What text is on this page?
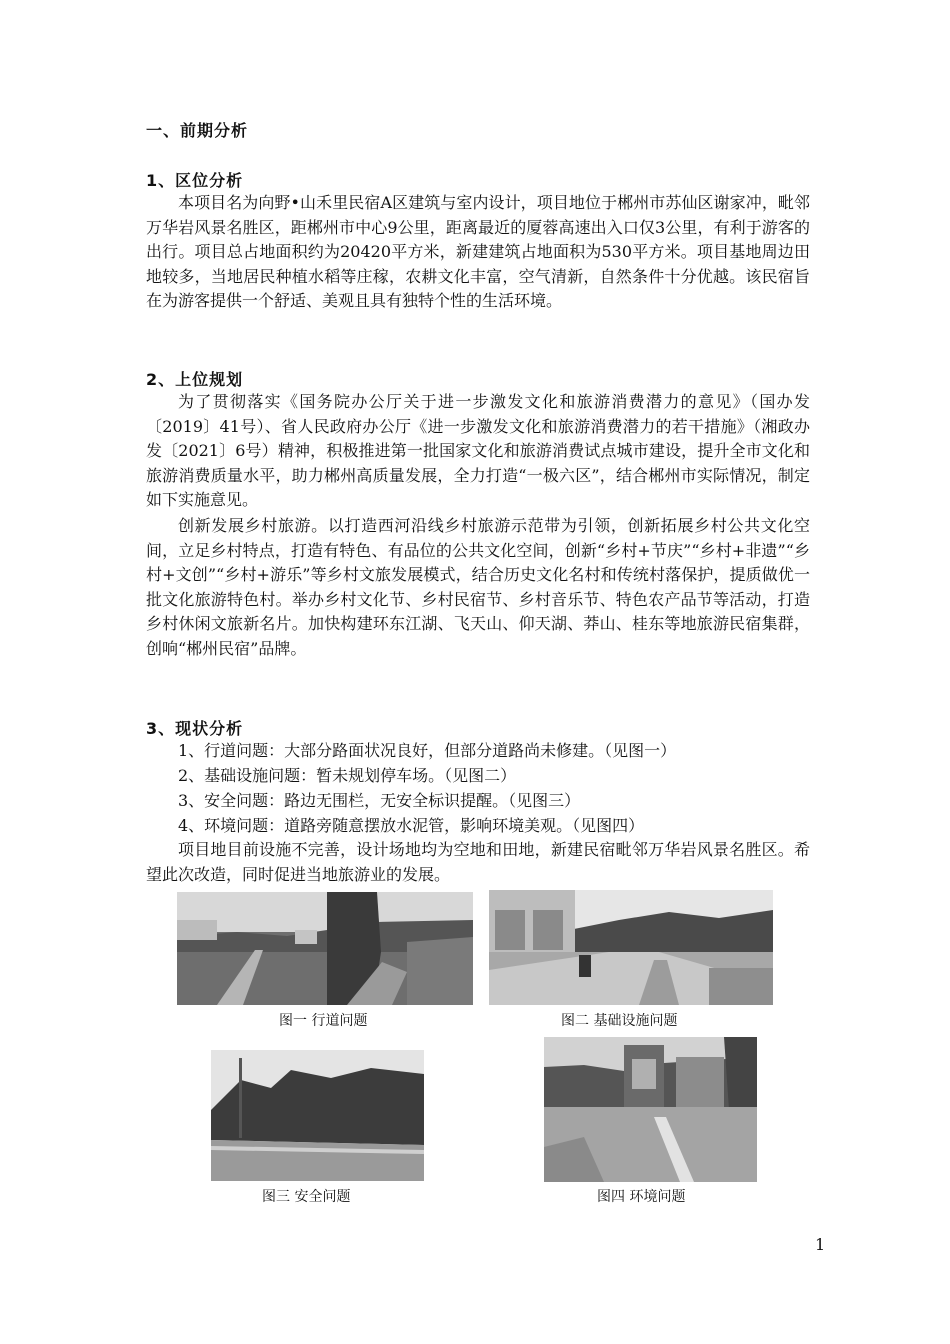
一、前期分析
1、区位分析

本项目名为向野•山禾里民宿A区建筑与室内设计，项目地位于郴州市苏仙区谢家冲，毗邻万华岩风景名胜区，距郴州市中心9公里，距离最近的厦蓉高速出入口仅3公里，有利于游客的出行。项目总占地面积约为20420平方米，新建建筑占地面积为530平方米。项目基地周边田地较多，当地居民种植水稻等庄稼，农耕文化丰富，空气清新，自然条件十分优越。该民宿旨在为游客提供一个舒适、美观且具有独特个性的生活环境。

2、上位规划

为了贯彻落实《国务院办公厅关于进一步激发文化和旅游消费潜力的意见》（国办发〔2019〕41号）、省人民政府办公厅《进一步激发文化和旅游消费潜力的若干措施》（湘政办发〔2021〕6号）精神，积极推进第一批国家文化和旅游消费试点城市建设，提升全市文化和旅游消费质量水平，助力郴州高质量发展，全力打造“一极六区”，结合郴州市实际情况，制定如下实施意见。

创新发展乡村旅游。以打造西河沿线乡村旅游示范带为引领，创新拓展乡村公共文化空间，立足乡村特点，打造有特色、有品位的公共文化空间，创新“乡村+节庆”“乡村+非遗”“乡村+文创”“乡村+游乐”等乡村文旅发展模式，结合历史文化名村和传统村落保护，提质做优一批文化旅游特色村。举办乡村文化节、乡村民宿节、乡村音乐节、特色农产品节等活动，打造乡村休闲文旅新名片。加快构建环东江湖、飞天山、仰天湖、莽山、桂东等地旅游民宿集群，创响“郴州民宿”品牌。

3、现状分析
1、行道问题：大部分路面状况良好，但部分道路尚未修建。（见图一）
2、基础设施问题：暂未规划停车场。（见图二）
3、安全问题：路边无围栏，无安全标识提醒。（见图三）
4、环境问题：道路旁随意摆放水泥管，影响环境美观。（见图四）

项目地目前设施不完善，设计场地均为空地和田地，新建民宿毗邻万华岩风景名胜区。希望此次改造，同时促进当地旅游业的发展。

图一 行道问题	图二 基础设施问题
图三 安全问题	图四 环境问题
1
